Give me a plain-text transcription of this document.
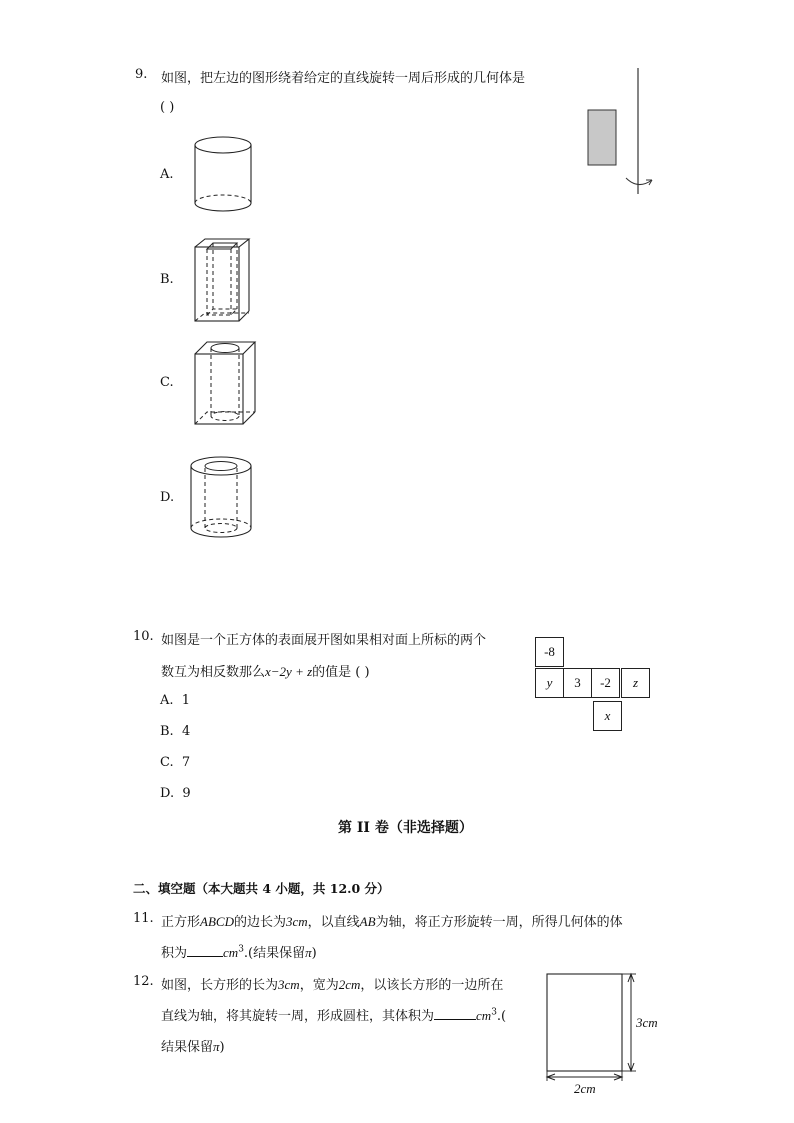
9. 如图，把左边的图形绕着给定的直线旋转一周后形成的几何体是
( )
A.
B.
C.
D.
10. 如图是一个正方体的表面展开图如果相对面上所标的两个
数互为相反数那么x−2y + z的值是 ( )
A. 1
B. 4
C. 7
D. 9
-8
y	3	-2	z
x
第 II 卷（非选择题）
二、填空题（本大题共 4 小题，共 12.0 分）
11. 正方形ABCD的边长为3cm，以直线AB为轴，将正方形旋转一周，所得几何体的体
积为	$cm^3$.(结果保留π)
12. 如图，长方形的长为3cm，宽为2cm，以该长方形的一边所在
直线为轴，将其旋转一周，形成圆柱，其体积为	$cm^3$.(
结果保留π)
3cm
2cm
